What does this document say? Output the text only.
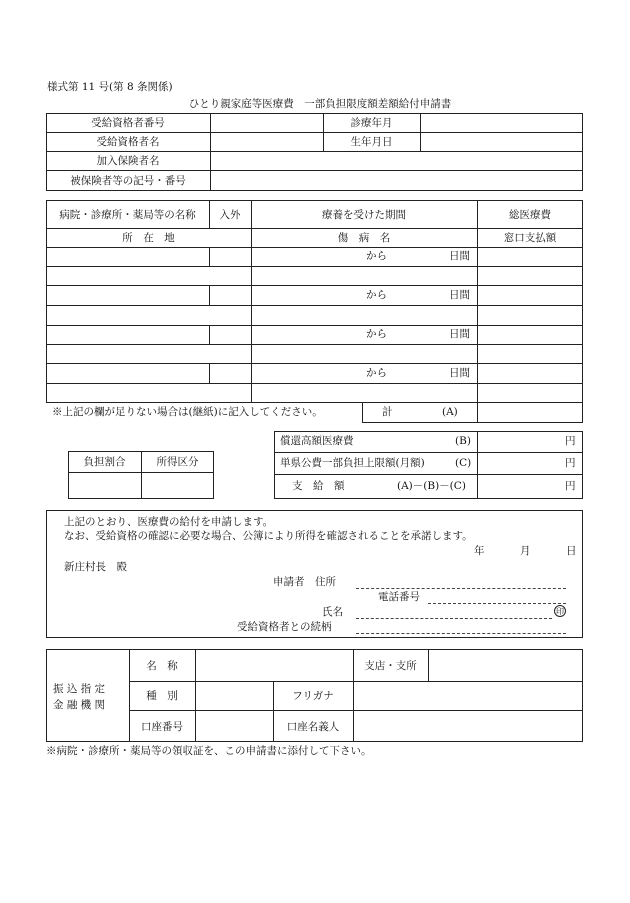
様式第 11 号(第 8 条関係)
ひとり親家庭等医療費　一部負担限度額差額給付申請書
受給資格者番号	診療年月
受給資格者名	生年月日
加入保険者名
被保険者等の記号・番号
病院・診療所・薬局等の名称	入外	療養を受けた期間	総医療費
所　在　地	傷　病　名	窓口支払額
から	日間
から	日間
から	日間
から	日間
※上記の欄が足りない場合は(継紙)に記入してください。	計	(A)
負担割合	所得区分
償還高額医療費	(B)	円
単県公費一部負担上限額(月額)	(C)	円
支　給　額	(A)－(B)－(C)	円
上記のとおり、医療費の給付を申請します。
なお、受給資格の確認に必要な場合、公簿により所得を確認されることを承諾します。
年	月	日
新庄村長　殿
申請者　住所
電話番号
氏名	印
受給資格者との続柄
振 込 指 定
金 融 機 関
名　称	支店・支所
種　別	フリガナ
口座番号	口座名義人
※病院・診療所・薬局等の領収証を、この申請書に添付して下さい。
